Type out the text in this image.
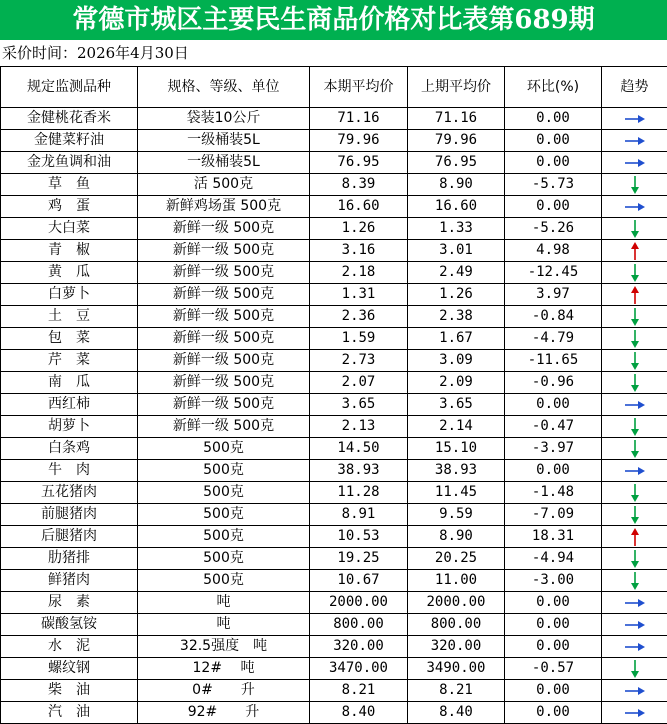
常德市城区主要民生商品价格对比表第689期
采价时间：2026年4月30日
规定监测品种	规格、等级、单位	本期平均价	上期平均价	环比(%)	趋势
金健桃花香米	袋装10公斤	71.16	71.16	0.00	

金健菜籽油	一级桶装5L	79.96	79.96	0.00	

金龙鱼调和油	一级桶装5L	76.95	76.95	0.00	

草　鱼	活 500克	8.39	8.90	-5.73	

鸡　蛋	新鲜鸡场蛋 500克	16.60	16.60	0.00	

大白菜	新鲜一级 500克	1.26	1.33	-5.26	

青　椒	新鲜一级 500克	3.16	3.01	4.98	

黄　瓜	新鲜一级 500克	2.18	2.49	-12.45	

白萝卜	新鲜一级 500克	1.31	1.26	3.97	

土　豆	新鲜一级 500克	2.36	2.38	-0.84	

包　菜	新鲜一级 500克	1.59	1.67	-4.79	

芹　菜	新鲜一级 500克	2.73	3.09	-11.65	

南　瓜	新鲜一级 500克	2.07	2.09	-0.96	

西红柿	新鲜一级 500克	3.65	3.65	0.00	

胡萝卜	新鲜一级 500克	2.13	2.14	-0.47	

白条鸡	500克	14.50	15.10	-3.97	

牛　肉	500克	38.93	38.93	0.00	

五花猪肉	500克	11.28	11.45	-1.48	

前腿猪肉	500克	8.91	9.59	-7.09	

后腿猪肉	500克	10.53	8.90	18.31	

肋猪排	500克	19.25	20.25	-4.94	

鲜猪肉	500克	10.67	11.00	-3.00	

尿　素	吨	2000.00	2000.00	0.00	

碳酸氢铵	吨	800.00	800.00	0.00	

水　泥	32.5强度　吨	320.00	320.00	0.00	

螺纹钢	12#　 吨	3470.00	3490.00	-0.57	

柴　油	0#　　升	8.21	8.21	0.00	

汽　油	92#　　升	8.40	8.40	0.00	
